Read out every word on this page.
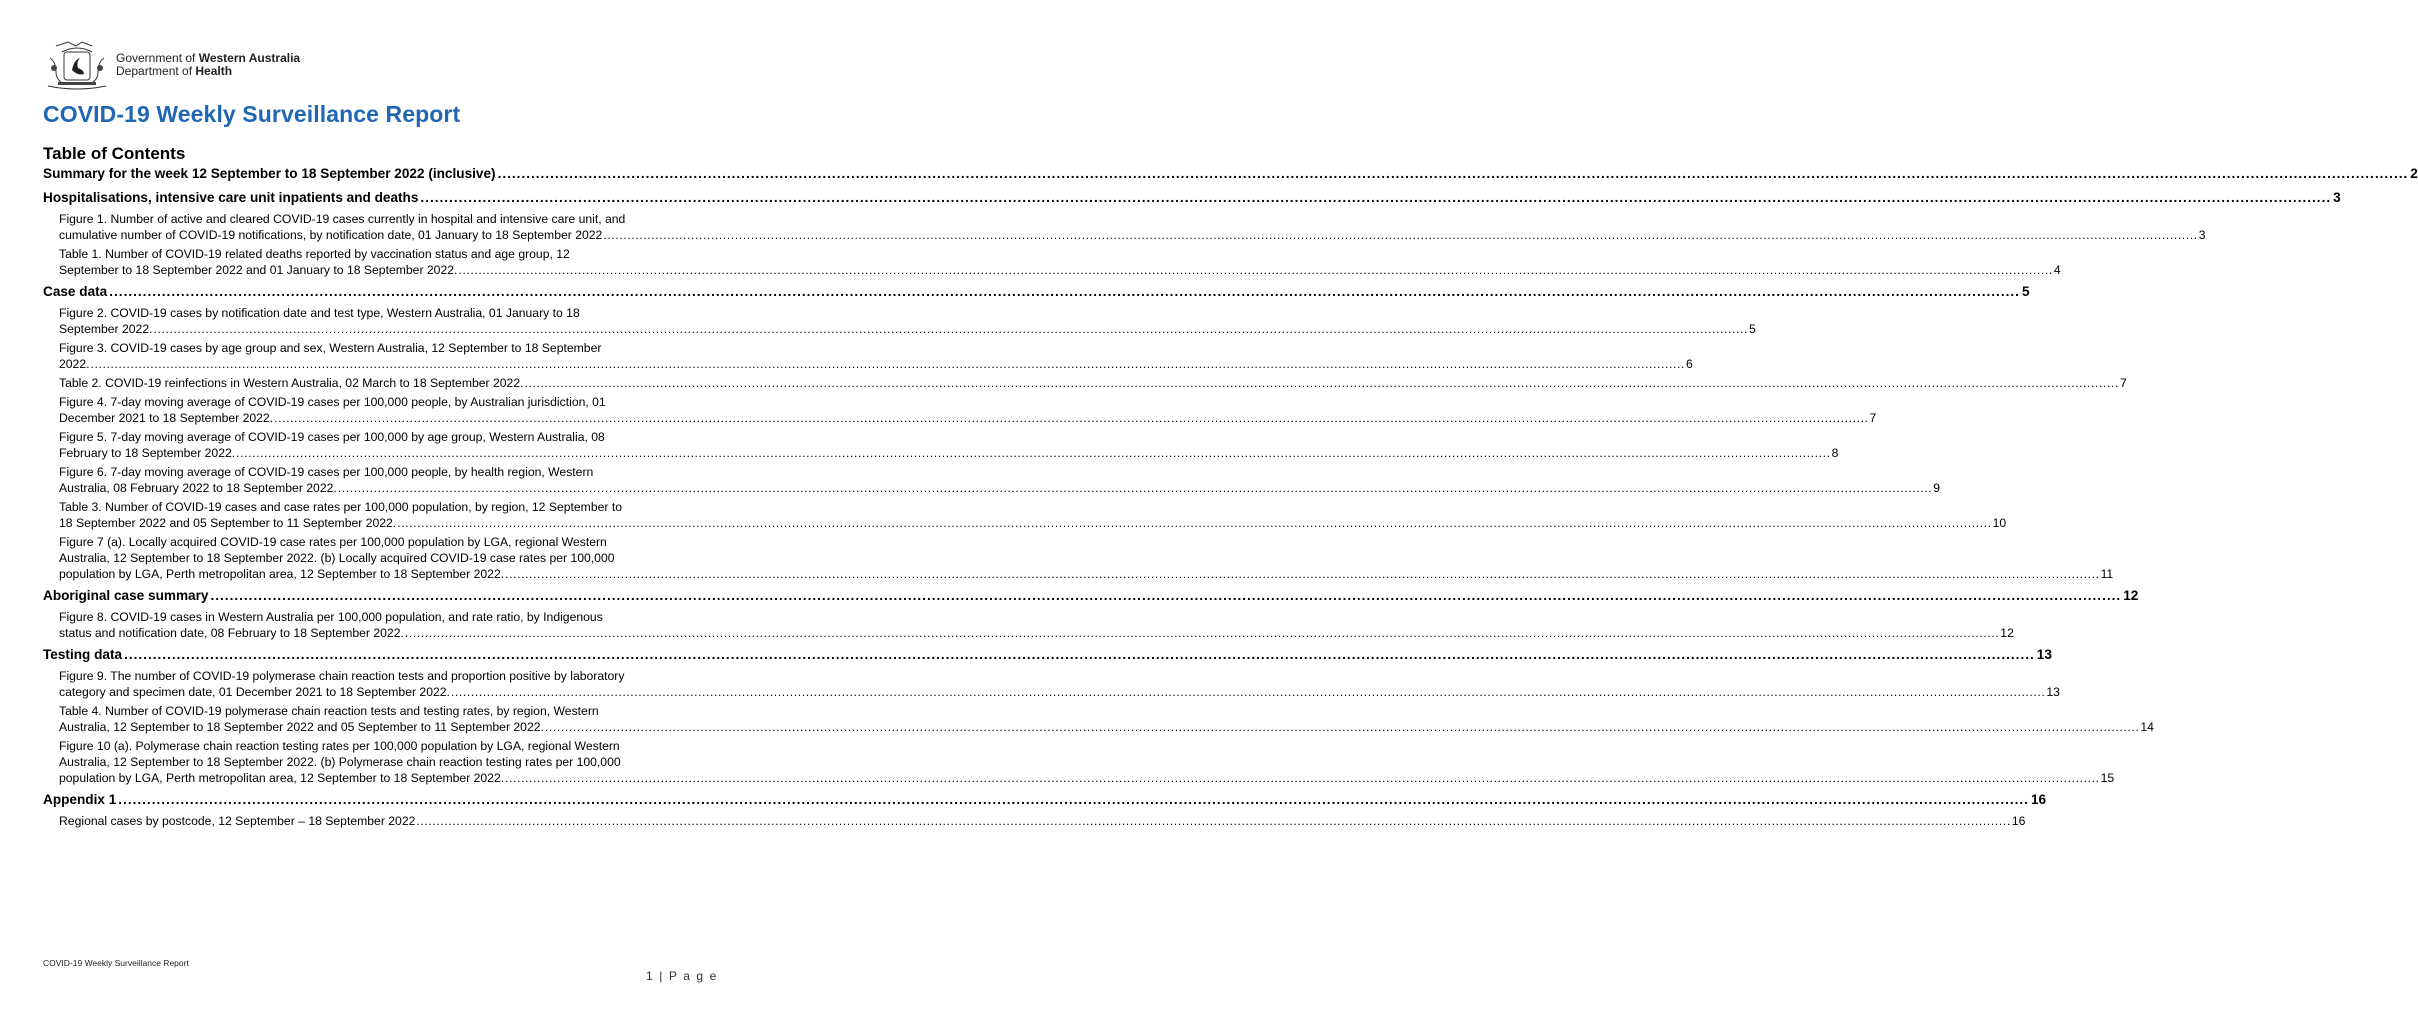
Government of Western Australia
Department of Health
COVID-19 Weekly Surveillance Report
Table of Contents
Summary for the week 12 September to 18 September 2022 (inclusive) ................................................................................................................................................................................................................................................................................................................................................................................................................ 2
Hospitalisations, intensive care unit inpatients and deaths ................................................................................................................................................................................................................................................................................................................................................................................................................ 3
Figure 1. Number of active and cleared COVID-19 cases currently in hospital and intensive care unit, and
cumulative number of COVID-19 notifications, by notification date, 01 January to 18 September 2022 ................................................................................................................................................................................................................................................................................................................................................................................................................ 3
Table 1. Number of COVID-19 related deaths reported by vaccination status and age group, 12
September to 18 September 2022 and 01 January to 18 September 2022. ................................................................................................................................................................................................................................................................................................................................................................................................................ 4
Case data ................................................................................................................................................................................................................................................................................................................................................................................................................ 5
Figure 2. COVID-19 cases by notification date and test type, Western Australia, 01 January to 18
September 2022. ................................................................................................................................................................................................................................................................................................................................................................................................................ 5
Figure 3. COVID-19 cases by age group and sex, Western Australia, 12 September to 18 September
2022. ................................................................................................................................................................................................................................................................................................................................................................................................................ 6
Table 2. COVID-19 reinfections in Western Australia, 02 March to 18 September 2022. ................................................................................................................................................................................................................................................................................................................................................................................................................ 7
Figure 4. 7-day moving average of COVID-19 cases per 100,000 people, by Australian jurisdiction, 01
December 2021 to 18 September 2022. ................................................................................................................................................................................................................................................................................................................................................................................................................ 7
Figure 5. 7-day moving average of COVID-19 cases per 100,000 by age group, Western Australia, 08
February to 18 September 2022. ................................................................................................................................................................................................................................................................................................................................................................................................................ 8
Figure 6. 7-day moving average of COVID-19 cases per 100,000 people, by health region, Western
Australia, 08 February 2022 to 18 September 2022. ................................................................................................................................................................................................................................................................................................................................................................................................................ 9
Table 3. Number of COVID-19 cases and case rates per 100,000 population, by region, 12 September to
18 September 2022 and 05 September to 11 September 2022. ................................................................................................................................................................................................................................................................................................................................................................................................................ 10
Figure 7 (a). Locally acquired COVID-19 case rates per 100,000 population by LGA, regional Western
Australia, 12 September to 18 September 2022. (b) Locally acquired COVID-19 case rates per 100,000
population by LGA, Perth metropolitan area, 12 September to 18 September 2022. ................................................................................................................................................................................................................................................................................................................................................................................................................ 11
Aboriginal case summary ................................................................................................................................................................................................................................................................................................................................................................................................................ 12
Figure 8. COVID-19 cases in Western Australia per 100,000 population, and rate ratio, by Indigenous
status and notification date, 08 February to 18 September 2022. ................................................................................................................................................................................................................................................................................................................................................................................................................ 12
Testing data ................................................................................................................................................................................................................................................................................................................................................................................................................ 13
Figure 9. The number of COVID-19 polymerase chain reaction tests and proportion positive by laboratory
category and specimen date, 01 December 2021 to 18 September 2022. ................................................................................................................................................................................................................................................................................................................................................................................................................ 13
Table 4. Number of COVID-19 polymerase chain reaction tests and testing rates, by region, Western
Australia, 12 September to 18 September 2022 and 05 September to 11 September 2022. ................................................................................................................................................................................................................................................................................................................................................................................................................ 14
Figure 10 (a). Polymerase chain reaction testing rates per 100,000 population by LGA, regional Western
Australia, 12 September to 18 September 2022. (b) Polymerase chain reaction testing rates per 100,000
population by LGA, Perth metropolitan area, 12 September to 18 September 2022. ................................................................................................................................................................................................................................................................................................................................................................................................................ 15
Appendix 1 ................................................................................................................................................................................................................................................................................................................................................................................................................ 16
Regional cases by postcode, 12 September – 18 September 2022 ................................................................................................................................................................................................................................................................................................................................................................................................................ 16
COVID-19 Weekly Surveillance Report
1 | P a g e
